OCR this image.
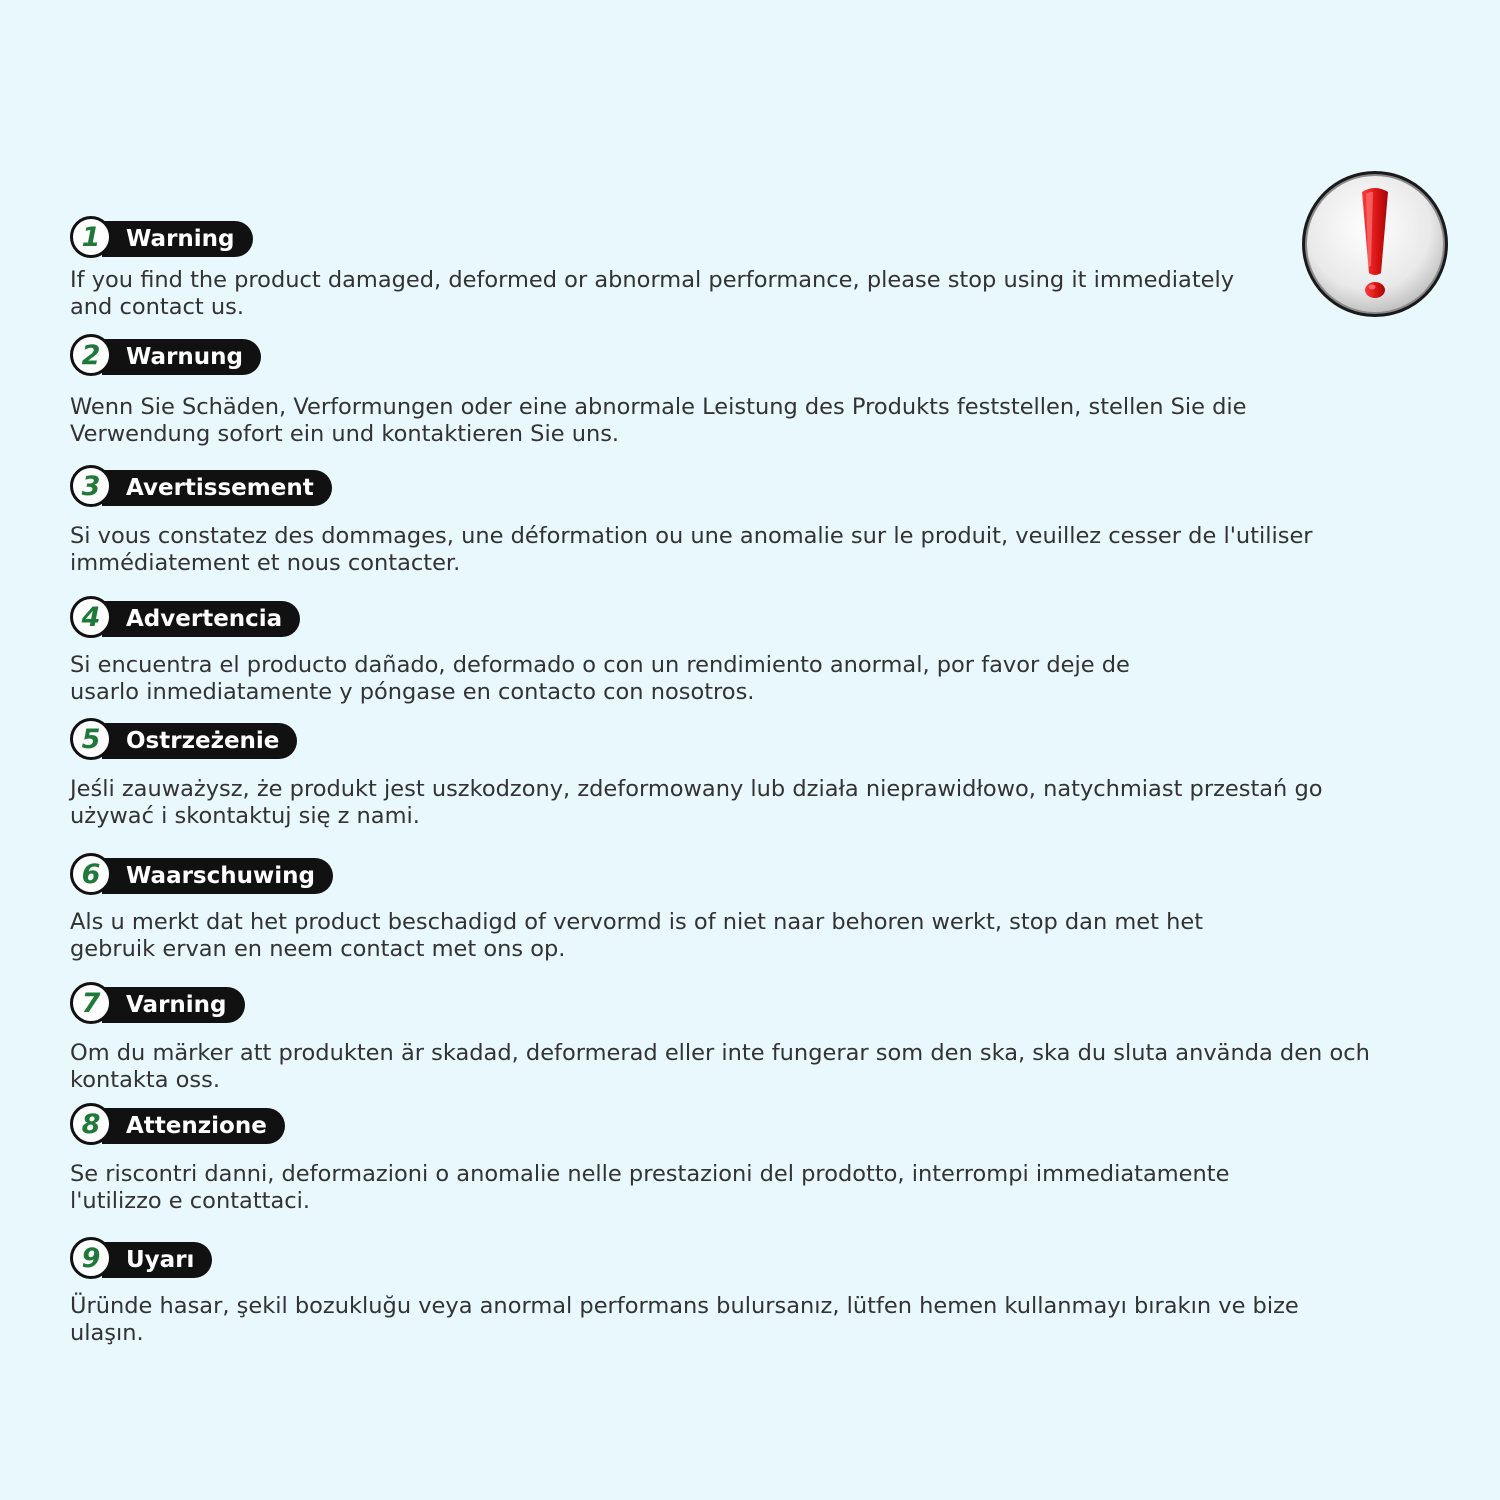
1	Warning

If you find the product damaged, deformed or abnormal performance, please stop using it immediately
and contact us.

2	Warnung

Wenn Sie Schäden, Verformungen oder eine abnormale Leistung des Produkts feststellen, stellen Sie die
Verwendung sofort ein und kontaktieren Sie uns.

3	Avertissement

Si vous constatez des dommages, une déformation ou une anomalie sur le produit, veuillez cesser de l'utiliser
immédiatement et nous contacter.

4	Advertencia

Si encuentra el producto dañado, deformado o con un rendimiento anormal, por favor deje de
usarlo inmediatamente y póngase en contacto con nosotros.

5	Ostrzeżenie

Jeśli zauważysz, że produkt jest uszkodzony, zdeformowany lub działa nieprawidłowo, natychmiast przestań go
używać i skontaktuj się z nami.

6	Waarschuwing

Als u merkt dat het product beschadigd of vervormd is of niet naar behoren werkt, stop dan met het
gebruik ervan en neem contact met ons op.

7	Varning

Om du märker att produkten är skadad, deformerad eller inte fungerar som den ska, ska du sluta använda den och
kontakta oss.

8	Attenzione

Se riscontri danni, deformazioni o anomalie nelle prestazioni del prodotto, interrompi immediatamente
l'utilizzo e contattaci.

9	Uyarı

Üründe hasar, şekil bozukluğu veya anormal performans bulursanız, lütfen hemen kullanmayı bırakın ve bize
ulaşın.
